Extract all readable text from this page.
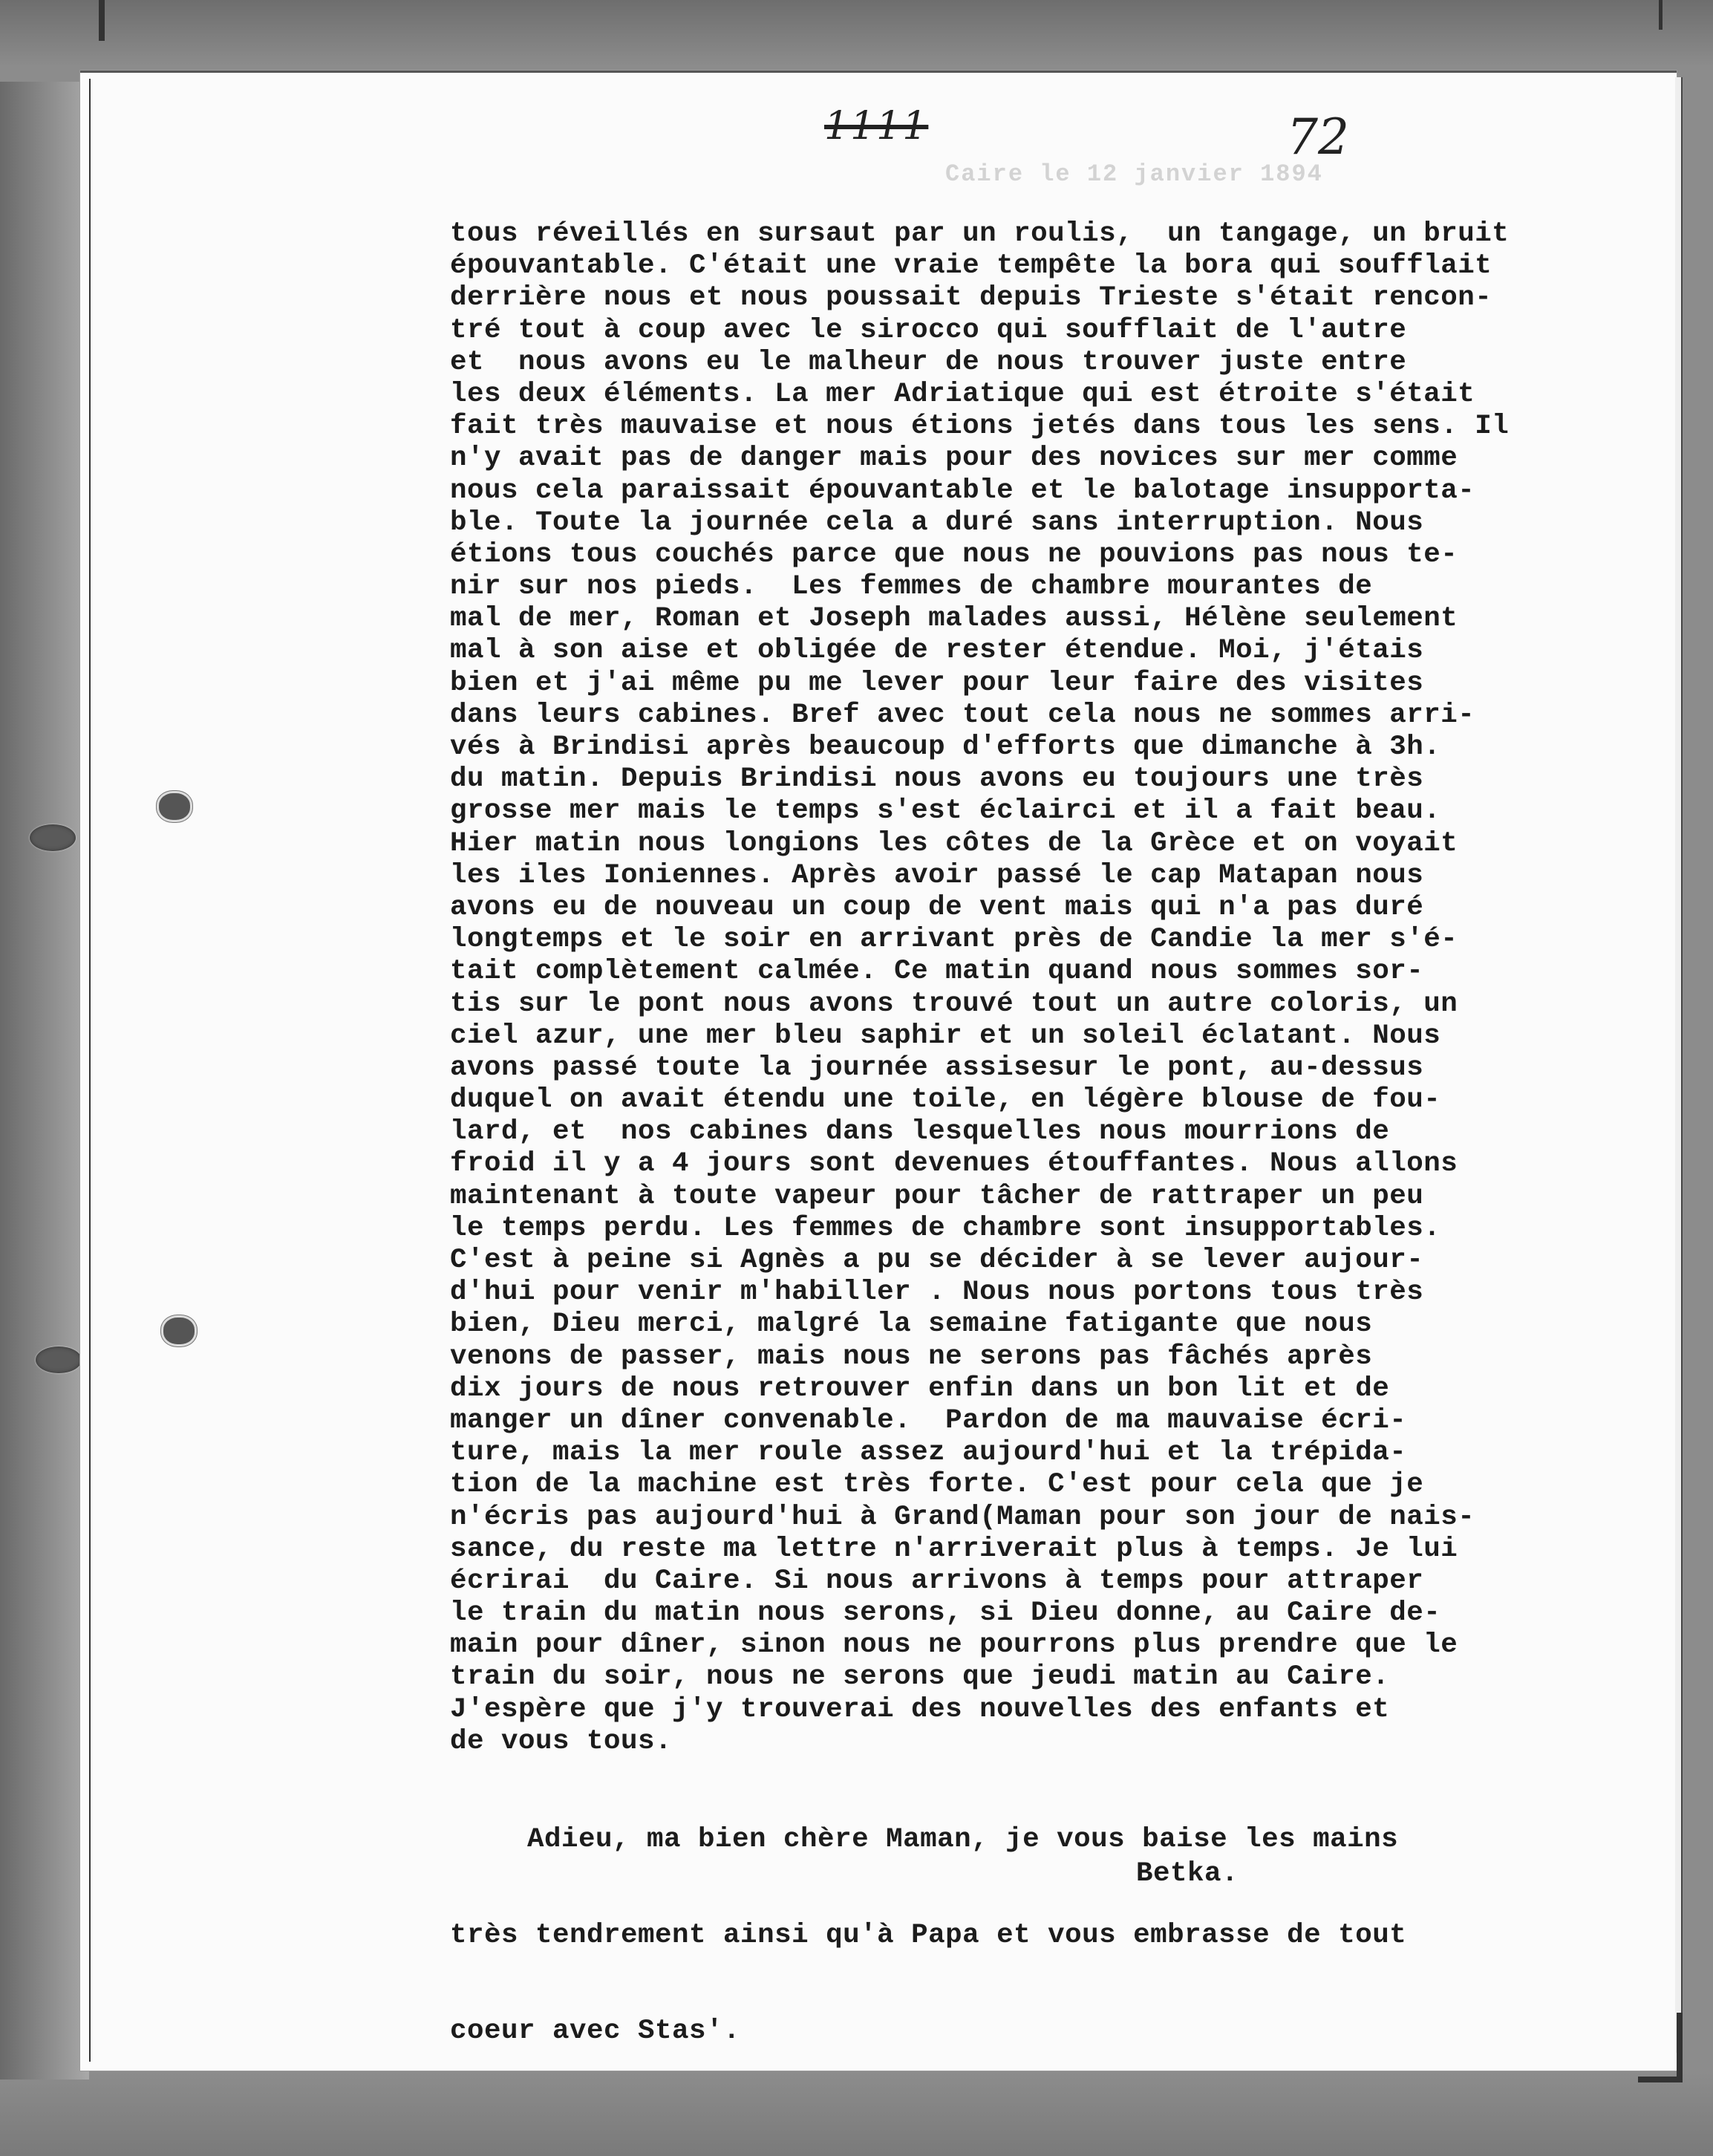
1111	72
Caire le 12 janvier 1894
tous réveillés en sursaut par un roulis,  un tangage, un bruit
épouvantable. C'était une vraie tempête la bora qui soufflait
derrière nous et nous poussait depuis Trieste s'était rencon-
tré tout à coup avec le sirocco qui soufflait de l'autre
et  nous avons eu le malheur de nous trouver juste entre
les deux éléments. La mer Adriatique qui est étroite s'était
fait très mauvaise et nous étions jetés dans tous les sens. Il
n'y avait pas de danger mais pour des novices sur mer comme
nous cela paraissait épouvantable et le balotage insupporta-
ble. Toute la journée cela a duré sans interruption. Nous
étions tous couchés parce que nous ne pouvions pas nous te-
nir sur nos pieds.  Les femmes de chambre mourantes de
mal de mer, Roman et Joseph malades aussi, Hélène seulement
mal à son aise et obligée de rester étendue. Moi, j'étais
bien et j'ai même pu me lever pour leur faire des visites
dans leurs cabines. Bref avec tout cela nous ne sommes arri-
vés à Brindisi après beaucoup d'efforts que dimanche à 3h.
du matin. Depuis Brindisi nous avons eu toujours une très
grosse mer mais le temps s'est éclairci et il a fait beau.
Hier matin nous longions les côtes de la Grèce et on voyait
les iles Ioniennes. Après avoir passé le cap Matapan nous
avons eu de nouveau un coup de vent mais qui n'a pas duré
longtemps et le soir en arrivant près de Candie la mer s'é-
tait complètement calmée. Ce matin quand nous sommes sor-
tis sur le pont nous avons trouvé tout un autre coloris, un
ciel azur, une mer bleu saphir et un soleil éclatant. Nous
avons passé toute la journée assisesur le pont, au-dessus
duquel on avait étendu une toile, en légère blouse de fou-
lard, et  nos cabines dans lesquelles nous mourrions de
froid il y a 4 jours sont devenues étouffantes. Nous allons
maintenant à toute vapeur pour tâcher de rattraper un peu
le temps perdu. Les femmes de chambre sont insupportables.
C'est à peine si Agnès a pu se décider à se lever aujour-
d'hui pour venir m'habiller . Nous nous portons tous très
bien, Dieu merci, malgré la semaine fatigante que nous
venons de passer, mais nous ne serons pas fâchés après
dix jours de nous retrouver enfin dans un bon lit et de
manger un dîner convenable.  Pardon de ma mauvaise écri-
ture, mais la mer roule assez aujourd'hui et la trépida-
tion de la machine est très forte. C'est pour cela que je
n'écris pas aujourd'hui à Grand(Maman pour son jour de nais-
sance, du reste ma lettre n'arriverait plus à temps. Je lui
écrirai  du Caire. Si nous arrivons à temps pour attraper
le train du matin nous serons, si Dieu donne, au Caire de-
main pour dîner, sinon nous ne pourrons plus prendre que le
train du soir, nous ne serons que jeudi matin au Caire.
J'espère que j'y trouverai des nouvelles des enfants et
de vous tous.

Adieu, ma bien chère Maman, je vous baise les mains

très tendrement ainsi qu'à Papa et vous embrasse de tout

coeur avec Stas'.

Betka.
